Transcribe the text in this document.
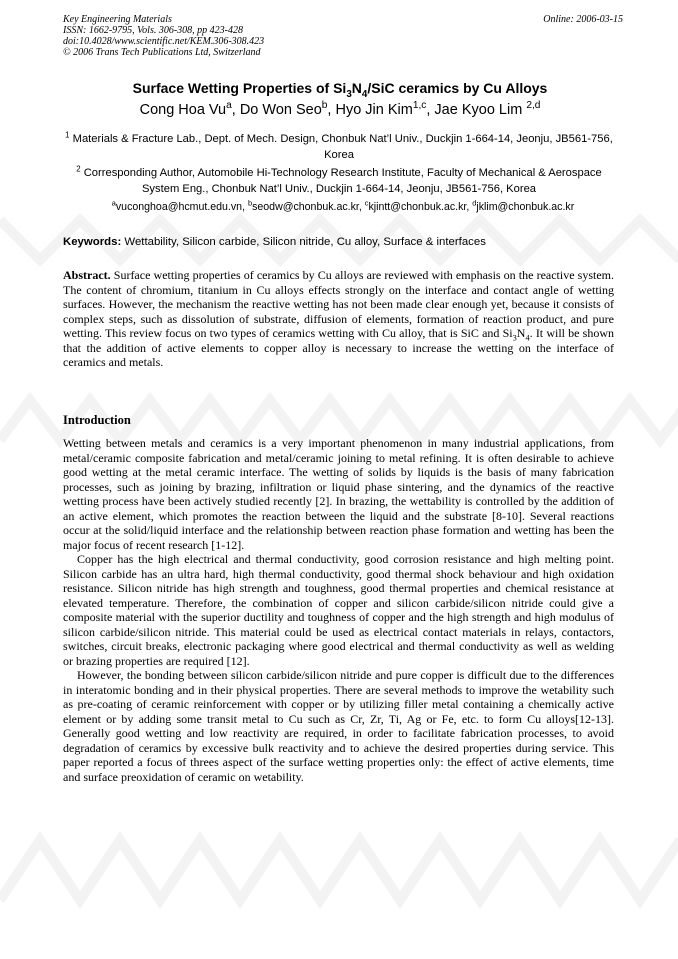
Key Engineering Materials
ISSN: 1662-9795, Vols. 306-308, pp 423-428
doi:10.4028/www.scientific.net/KEM.306-308.423
© 2006 Trans Tech Publications Ltd, Switzerland
Online: 2006-03-15
Surface Wetting Properties of $Si_3N_4$/SiC ceramics by Cu Alloys
Cong Hoa Vu$^a$, Do Won Seo$^b$, Hyo Jin Kim$^{1,c}$, Jae Kyoo Lim $^{2,d}$
$^1$ Materials & Fracture Lab., Dept. of Mech. Design, Chonbuk Nat’l Univ., Duckjin 1-664-14, Jeonju, JB561-756, Korea
$^2$ Corresponding Author, Automobile Hi-Technology Research Institute, Faculty of Mechanical & Aerospace System Eng., Chonbuk Nat’l Univ., Duckjin 1-664-14, Jeonju, JB561-756, Korea
$^a$vuconghoa@hcmut.edu.vn, $^b$seodw@chonbuk.ac.kr, $^c$kjintt@chonbuk.ac.kr, $^d$jklim@chonbuk.ac.kr
Keywords: Wettability, Silicon carbide, Silicon nitride, Cu alloy, Surface & interfaces
Abstract. Surface wetting properties of ceramics by Cu alloys are reviewed with emphasis on the reactive system. The content of chromium, titanium in Cu alloys effects strongly on the interface and contact angle of wetting surfaces. However, the mechanism the reactive wetting has not been made clear enough yet, because it consists of complex steps, such as dissolution of substrate, diffusion of elements, formation of reaction product, and pure wetting. This review focus on two types of ceramics wetting with Cu alloy, that is SiC and $Si_3N_4$. It will be shown that the addition of active elements to copper alloy is necessary to increase the wetting on the interface of ceramics and metals.
Introduction

Wetting between metals and ceramics is a very important phenomenon in many industrial applications, from metal/ceramic composite fabrication and metal/ceramic joining to metal refining. It is often desirable to achieve good wetting at the metal ceramic interface. The wetting of solids by liquids is the basis of many fabrication processes, such as joining by brazing, infiltration or liquid phase sintering, and the dynamics of the reactive wetting process have been actively studied recently [2]. In brazing, the wettability is controlled by the addition of an active element, which promotes the reaction between the liquid and the substrate [8-10]. Several reactions occur at the solid/liquid interface and the relationship between reaction phase formation and wetting has been the major focus of recent research [1-12].

Copper has the high electrical and thermal conductivity, good corrosion resistance and high melting point. Silicon carbide has an ultra hard, high thermal conductivity, good thermal shock behaviour and high oxidation resistance. Silicon nitride has high strength and toughness, good thermal properties and chemical resistance at elevated temperature. Therefore, the combination of copper and silicon carbide/silicon nitride could give a composite material with the superior ductility and toughness of copper and the high strength and high modulus of silicon carbide/silicon nitride. This material could be used as electrical contact materials in relays, contactors, switches, circuit breaks, electronic packaging where good electrical and thermal conductivity as well as welding or brazing properties are required [12].

However, the bonding between silicon carbide/silicon nitride and pure copper is difficult due to the differences in interatomic bonding and in their physical properties. There are several methods to improve the wetability such as pre-coating of ceramic reinforcement with copper or by utilizing filler metal containing a chemically active element or by adding some transit metal to Cu such as Cr, Zr, Ti, Ag or Fe, etc. to form Cu alloys[12-13]. Generally good wetting and low reactivity are required, in order to facilitate fabrication processes, to avoid degradation of ceramics by excessive bulk reactivity and to achieve the desired properties during service. This paper reported a focus of threes aspect of the surface wetting properties only: the effect of active elements, time and surface preoxidation of ceramic on wetability.
